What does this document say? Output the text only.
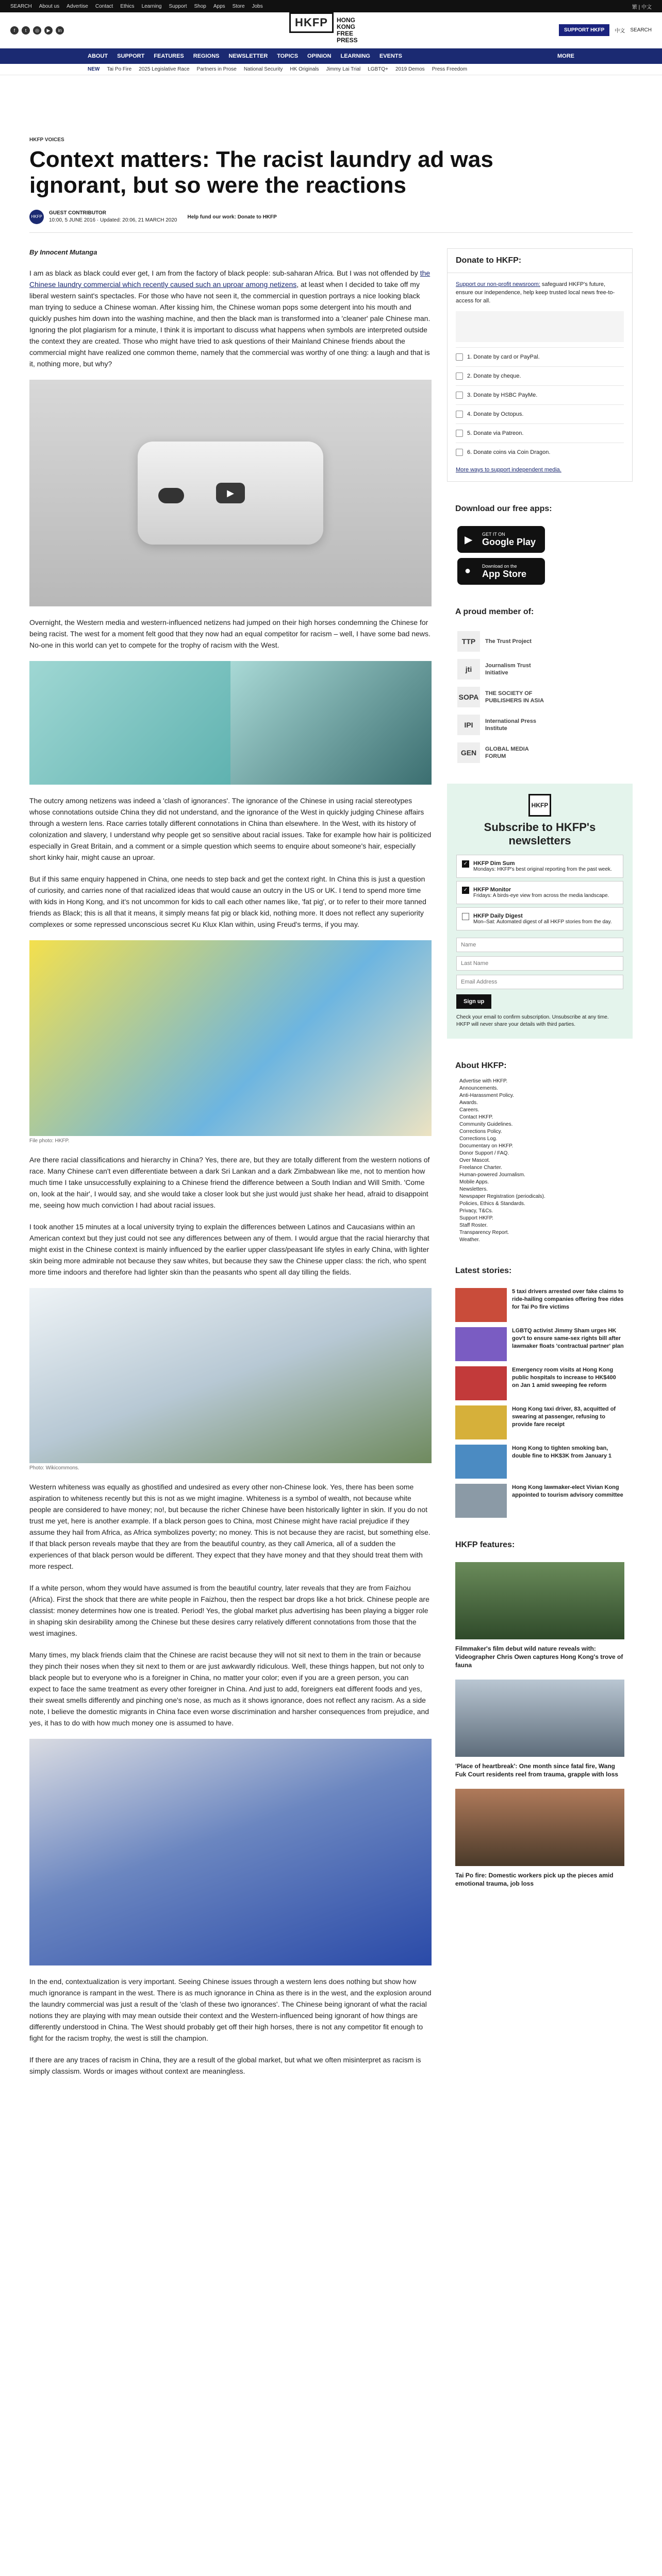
SEARCH About us Advertise Contact Ethics Learning Support Shop Apps Store Jobs	繁 | 中文
f	t	◎	▶	in
HKFP	HONG KONG FREE PRESS
SUPPORT HKFP	中文 SEARCH
ABOUT SUPPORT FEATURES REGIONS NEWSLETTER TOPICS OPINION LEARNING EVENTS	MORE
NEW Tai Po Fire 2025 Legislative Race Partners in Prose National Security HK Originals Jimmy Lai Trial LGBTQ+ 2019 Demos Press Freedom
HKFP VOICES
Context matters: The racist laundry ad was ignorant, but so were the reactions
HKFP
GUEST CONTRIBUTOR
10:00, 5 JUNE 2016 · Updated: 20:06, 21 MARCH 2020
Help fund our work: Donate to HKFP
By Innocent Mutanga

I am as black as black could ever get, I am from the factory of black people: sub-saharan Africa. But I was not offended by the Chinese laundry commercial which recently caused such an uproar among netizens, at least when I decided to take off my liberal western saint's spectacles. For those who have not seen it, the commercial in question portrays a nice looking black man trying to seduce a Chinese woman. After kissing him, the Chinese woman pops some detergent into his mouth and quickly pushes him down into the washing machine, and then the black man is transformed into a 'cleaner' pale Chinese man. Ignoring the plot plagiarism for a minute, I think it is important to discuss what happens when symbols are interpreted outside the context they are created. Those who might have tried to ask questions of their Mainland Chinese friends about the commercial might have realized one common theme, namely that the commercial was worthy of one thing: a laugh and that is it, nothing more, but why?

▶

Overnight, the Western media and western-influenced netizens had jumped on their high horses condemning the Chinese for being racist. The west for a moment felt good that they now had an equal competitor for racism – well, I have some bad news. No-one in this world can yet to compete for the trophy of racism with the West.

The outcry among netizens was indeed a 'clash of ignorances'. The ignorance of the Chinese in using racial stereotypes whose connotations outside China they did not understand, and the ignorance of the West in quickly judging Chinese affairs through a western lens. Race carries totally different connotations in China than elsewhere. In the West, with its history of colonization and slavery, I understand why people get so sensitive about racial issues. Take for example how hair is politicized especially in Great Britain, and a comment or a simple question which seems to enquire about someone's hair, especially short kinky hair, might cause an uproar.

But if this same enquiry happened in China, one needs to step back and get the context right. In China this is just a question of curiosity, and carries none of that racialized ideas that would cause an outcry in the US or UK. I tend to spend more time with kids in Hong Kong, and it's not uncommon for kids to call each other names like, 'fat pig', or to refer to their more tanned friends as Black; this is all that it means, it simply means fat pig or black kid, nothing more. It does not reflect any superiority complexes or some repressed unconscious secret Ku Klux Klan within, using Freud's terms, if you may.

File photo: HKFP.

Are there racial classifications and hierarchy in China? Yes, there are, but they are totally different from the western notions of race. Many Chinese can't even differentiate between a dark Sri Lankan and a dark Zimbabwean like me, not to mention how much time I take unsuccessfully explaining to a Chinese friend the difference between a South Indian and Will Smith. 'Come on, look at the hair', I would say, and she would take a closer look but she just would just shake her head, afraid to disappoint me, seeing how much conviction I had about racial issues.

I took another 15 minutes at a local university trying to explain the differences between Latinos and Caucasians within an American context but they just could not see any differences between any of them. I would argue that the racial hierarchy that might exist in the Chinese context is mainly influenced by the earlier upper class/peasant life styles in early China, with lighter skin being more admirable not because they saw whites, but because they saw the Chinese upper class: the rich, who spent more time indoors and therefore had lighter skin than the peasants who spent all day tilling the fields.

Photo: Wikicommons.

Western whiteness was equally as ghostified and undesired as every other non-Chinese look. Yes, there has been some aspiration to whiteness recently but this is not as we might imagine. Whiteness is a symbol of wealth, not because white people are considered to have money; no!, but because the richer Chinese have been historically lighter in skin. If you do not trust me yet, here is another example. If a black person goes to China, most Chinese might have racial prejudice if they assume they hail from Africa, as Africa symbolizes poverty; no money. This is not because they are racist, but something else. If that black person reveals maybe that they are from the beautiful country, as they call America, all of a sudden the experiences of that black person would be different. They expect that they have money and that they should treat them with more respect.

If a white person, whom they would have assumed is from the beautiful country, later reveals that they are from Faizhou (Africa). First the shock that there are white people in Faizhou, then the respect bar drops like a hot brick. Chinese people are classist: money determines how one is treated. Period! Yes, the global market plus advertising has been playing a bigger role in shaping skin desirability among the Chinese but these desires carry relatively different connotations from those that the west imagines.

Many times, my black friends claim that the Chinese are racist because they will not sit next to them in the train or because they pinch their noses when they sit next to them or are just awkwardly ridiculous. Well, these things happen, but not only to black people but to everyone who is a foreigner in China, no matter your color; even if you are a green person, you can expect to face the same treatment as every other foreigner in China. And just to add, foreigners eat different foods and yes, their sweat smells differently and pinching one's nose, as much as it shows ignorance, does not reflect any racism. As a side note, I believe the domestic migrants in China face even worse discrimination and harsher consequences from prejudice, and yes, it has to do with how much money one is assumed to have.

In the end, contextualization is very important. Seeing Chinese issues through a western lens does nothing but show how much ignorance is rampant in the west. There is as much ignorance in China as there is in the west, and the explosion around the laundry commercial was just a result of the 'clash of these two ignorances'. The Chinese being ignorant of what the racial notions they are playing with may mean outside their context and the Western-influenced being ignorant of how things are differently understood in China. The West should probably get off their high horses, there is not any competitor fit enough to fight for the racism trophy, the west is still the champion.

If there are any traces of racism in China, they are a result of the global market, but what we often misinterpret as racism is simply classism. Words or images without context are meaningless.

Donate to HKFP:

Support our non-profit newsroom: safeguard HKFP's future, ensure our independence, help keep trusted local news free-to-access for all.

1. Donate by card or PayPal.
2. Donate by cheque.
3. Donate by HSBC PayMe.
4. Donate by Octopus.
5. Donate via Patreon.
6. Donate coins via Coin Dragon.

More ways to support independent media.

Download our free apps:
▶
GET IT ON
Google Play
● Download on the
App Store
A proud member of:
TTP	The Trust Project
jti	Journalism Trust Initiative
SOPA THE SOCIETY OF PUBLISHERS IN ASIA
IPI	International Press Institute
GEN	GLOBAL MEDIA FORUM
HKFP
Subscribe to HKFP's newsletters
✓ HKFP Dim Sum
Mondays: HKFP's best original reporting from the past week.
✓ HKFP Monitor
Fridays: A birds-eye view from across the media landscape.
HKFP Daily Digest
Mon–Sat: Automated digest of all HKFP stories from the day.
Name Last Name Email Address Sign up

Check your email to confirm subscription. Unsubscribe at any time. HKFP will never share your details with third parties.

About HKFP:
Advertise with HKFP.
Announcements.
Anti-Harassment Policy.
Awards.
Careers.
Contact HKFP.
Community Guidelines.
Corrections Policy.
Corrections Log.
Documentary on HKFP.
Donor Support / FAQ.
Over Mascot.
Freelance Charter.
Human-powered Journalism.
Mobile Apps.
Newsletters.
Newspaper Registration (periodicals).
Policies, Ethics & Standards.
Privacy, T&Cs.
Support HKFP.
Staff Roster.
Transparency Report.
Weather.
Latest stories:
5 taxi drivers arrested over fake claims to ride-hailing companies offering free rides for Tai Po fire victims
LGBTQ activist Jimmy Sham urges HK gov't to ensure same-sex rights bill after lawmaker floats 'contractual partner' plan
Emergency room visits at Hong Kong public hospitals to increase to HK$400 on Jan 1 amid sweeping fee reform
Hong Kong taxi driver, 83, acquitted of swearing at passenger, refusing to provide fare receipt
Hong Kong to tighten smoking ban, double fine to HK$3K from January 1
Hong Kong lawmaker-elect Vivian Kong appointed to tourism advisory committee
HKFP features:
Filmmaker's film debut wild nature reveals with: Videographer Chris Owen captures Hong Kong's trove of fauna
'Place of heartbreak': One month since fatal fire, Wang Fuk Court residents reel from trauma, grapple with loss
Tai Po fire: Domestic workers pick up the pieces amid emotional trauma, job loss
